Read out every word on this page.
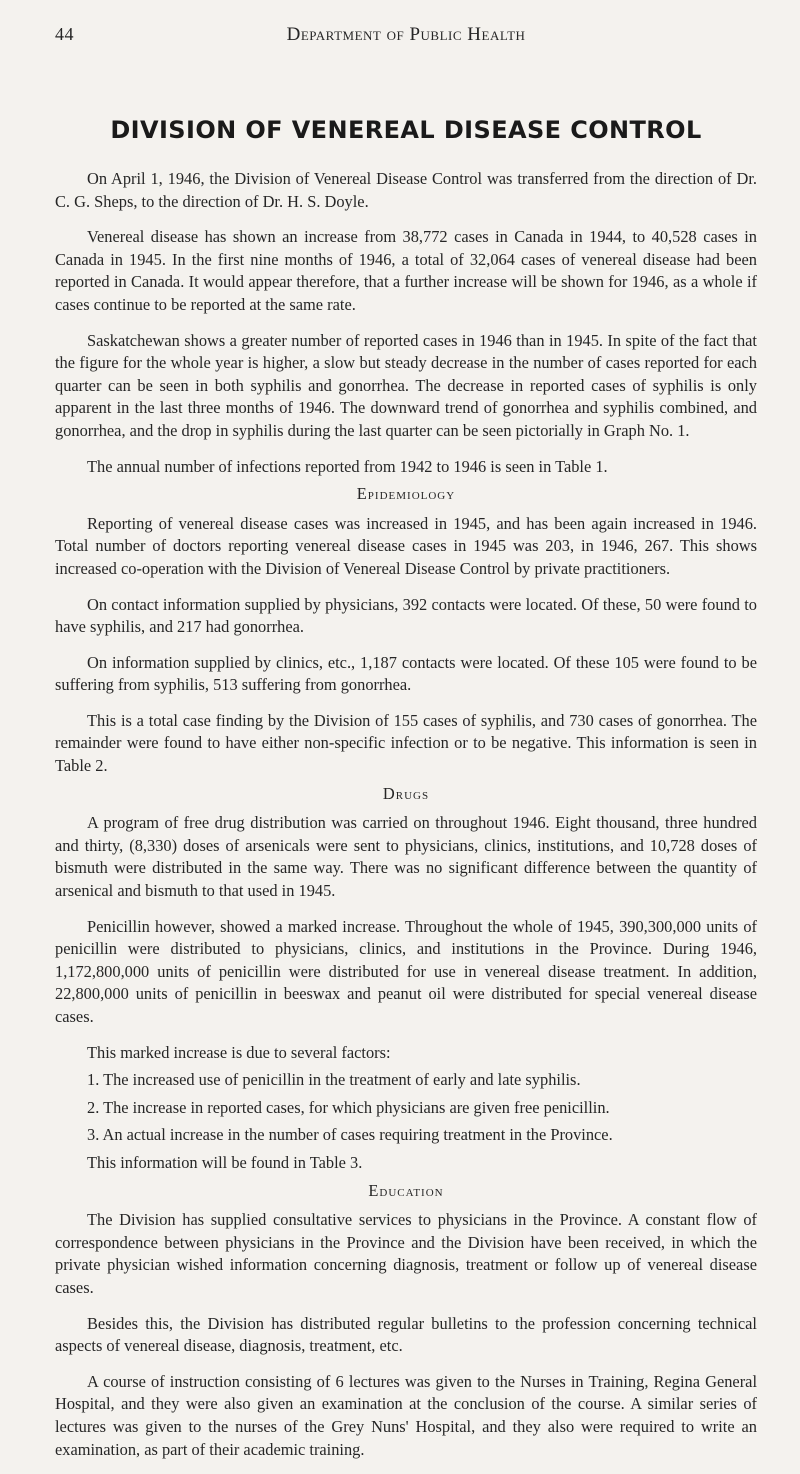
44	Department of Public Health
DIVISION OF VENEREAL DISEASE CONTROL

On April 1, 1946, the Division of Venereal Disease Control was transferred from the direction of Dr. C. G. Sheps, to the direction of Dr. H. S. Doyle.

Venereal disease has shown an increase from 38,772 cases in Canada in 1944, to 40,528 cases in Canada in 1945. In the first nine months of 1946, a total of 32,064 cases of venereal disease had been reported in Canada. It would appear therefore, that a further increase will be shown for 1946, as a whole if cases continue to be reported at the same rate.

Saskatchewan shows a greater number of reported cases in 1946 than in 1945. In spite of the fact that the figure for the whole year is higher, a slow but steady decrease in the number of cases reported for each quarter can be seen in both syphilis and gonorrhea. The decrease in reported cases of syphilis is only apparent in the last three months of 1946. The downward trend of gonorrhea and syphilis combined, and gonorrhea, and the drop in syphilis during the last quarter can be seen pictorially in Graph No. 1.

The annual number of infections reported from 1942 to 1946 is seen in Table 1.

Epidemiology

Reporting of venereal disease cases was increased in 1945, and has been again increased in 1946. Total number of doctors reporting venereal disease cases in 1945 was 203, in 1946, 267. This shows increased co-operation with the Division of Venereal Disease Control by private practitioners.

On contact information supplied by physicians, 392 contacts were located. Of these, 50 were found to have syphilis, and 217 had gonorrhea.

On information supplied by clinics, etc., 1,187 contacts were located. Of these 105 were found to be suffering from syphilis, 513 suffering from gonorrhea.

This is a total case finding by the Division of 155 cases of syphilis, and 730 cases of gonorrhea. The remainder were found to have either non-specific infection or to be negative. This information is seen in Table 2.

Drugs

A program of free drug distribution was carried on throughout 1946. Eight thousand, three hundred and thirty, (8,330) doses of arsenicals were sent to physicians, clinics, institutions, and 10,728 doses of bismuth were distributed in the same way. There was no significant difference between the quantity of arsenical and bismuth to that used in 1945.

Penicillin however, showed a marked increase. Throughout the whole of 1945, 390,300,000 units of penicillin were distributed to physicians, clinics, and institutions in the Province. During 1946, 1,172,800,000 units of penicillin were distributed for use in venereal disease treatment. In addition, 22,800,000 units of penicillin in beeswax and peanut oil were distributed for special venereal disease cases.

This marked increase is due to several factors:

1. The increased use of penicillin in the treatment of early and late syphilis.

2. The increase in reported cases, for which physicians are given free penicillin.

3. An actual increase in the number of cases requiring treatment in the Province.

This information will be found in Table 3.

Education

The Division has supplied consultative services to physicians in the Province. A constant flow of correspondence between physicians in the Province and the Division have been received, in which the private physician wished information concerning diagnosis, treatment or follow up of venereal disease cases.

Besides this, the Division has distributed regular bulletins to the profession concerning technical aspects of venereal disease, diagnosis, treatment, etc.

A course of instruction consisting of 6 lectures was given to the Nurses in Training, Regina General Hospital, and they were also given an examination at the conclusion of the course. A similar series of lectures was given to the nurses of the Grey Nuns' Hospital, and they also were required to write an examination, as part of their academic training.
